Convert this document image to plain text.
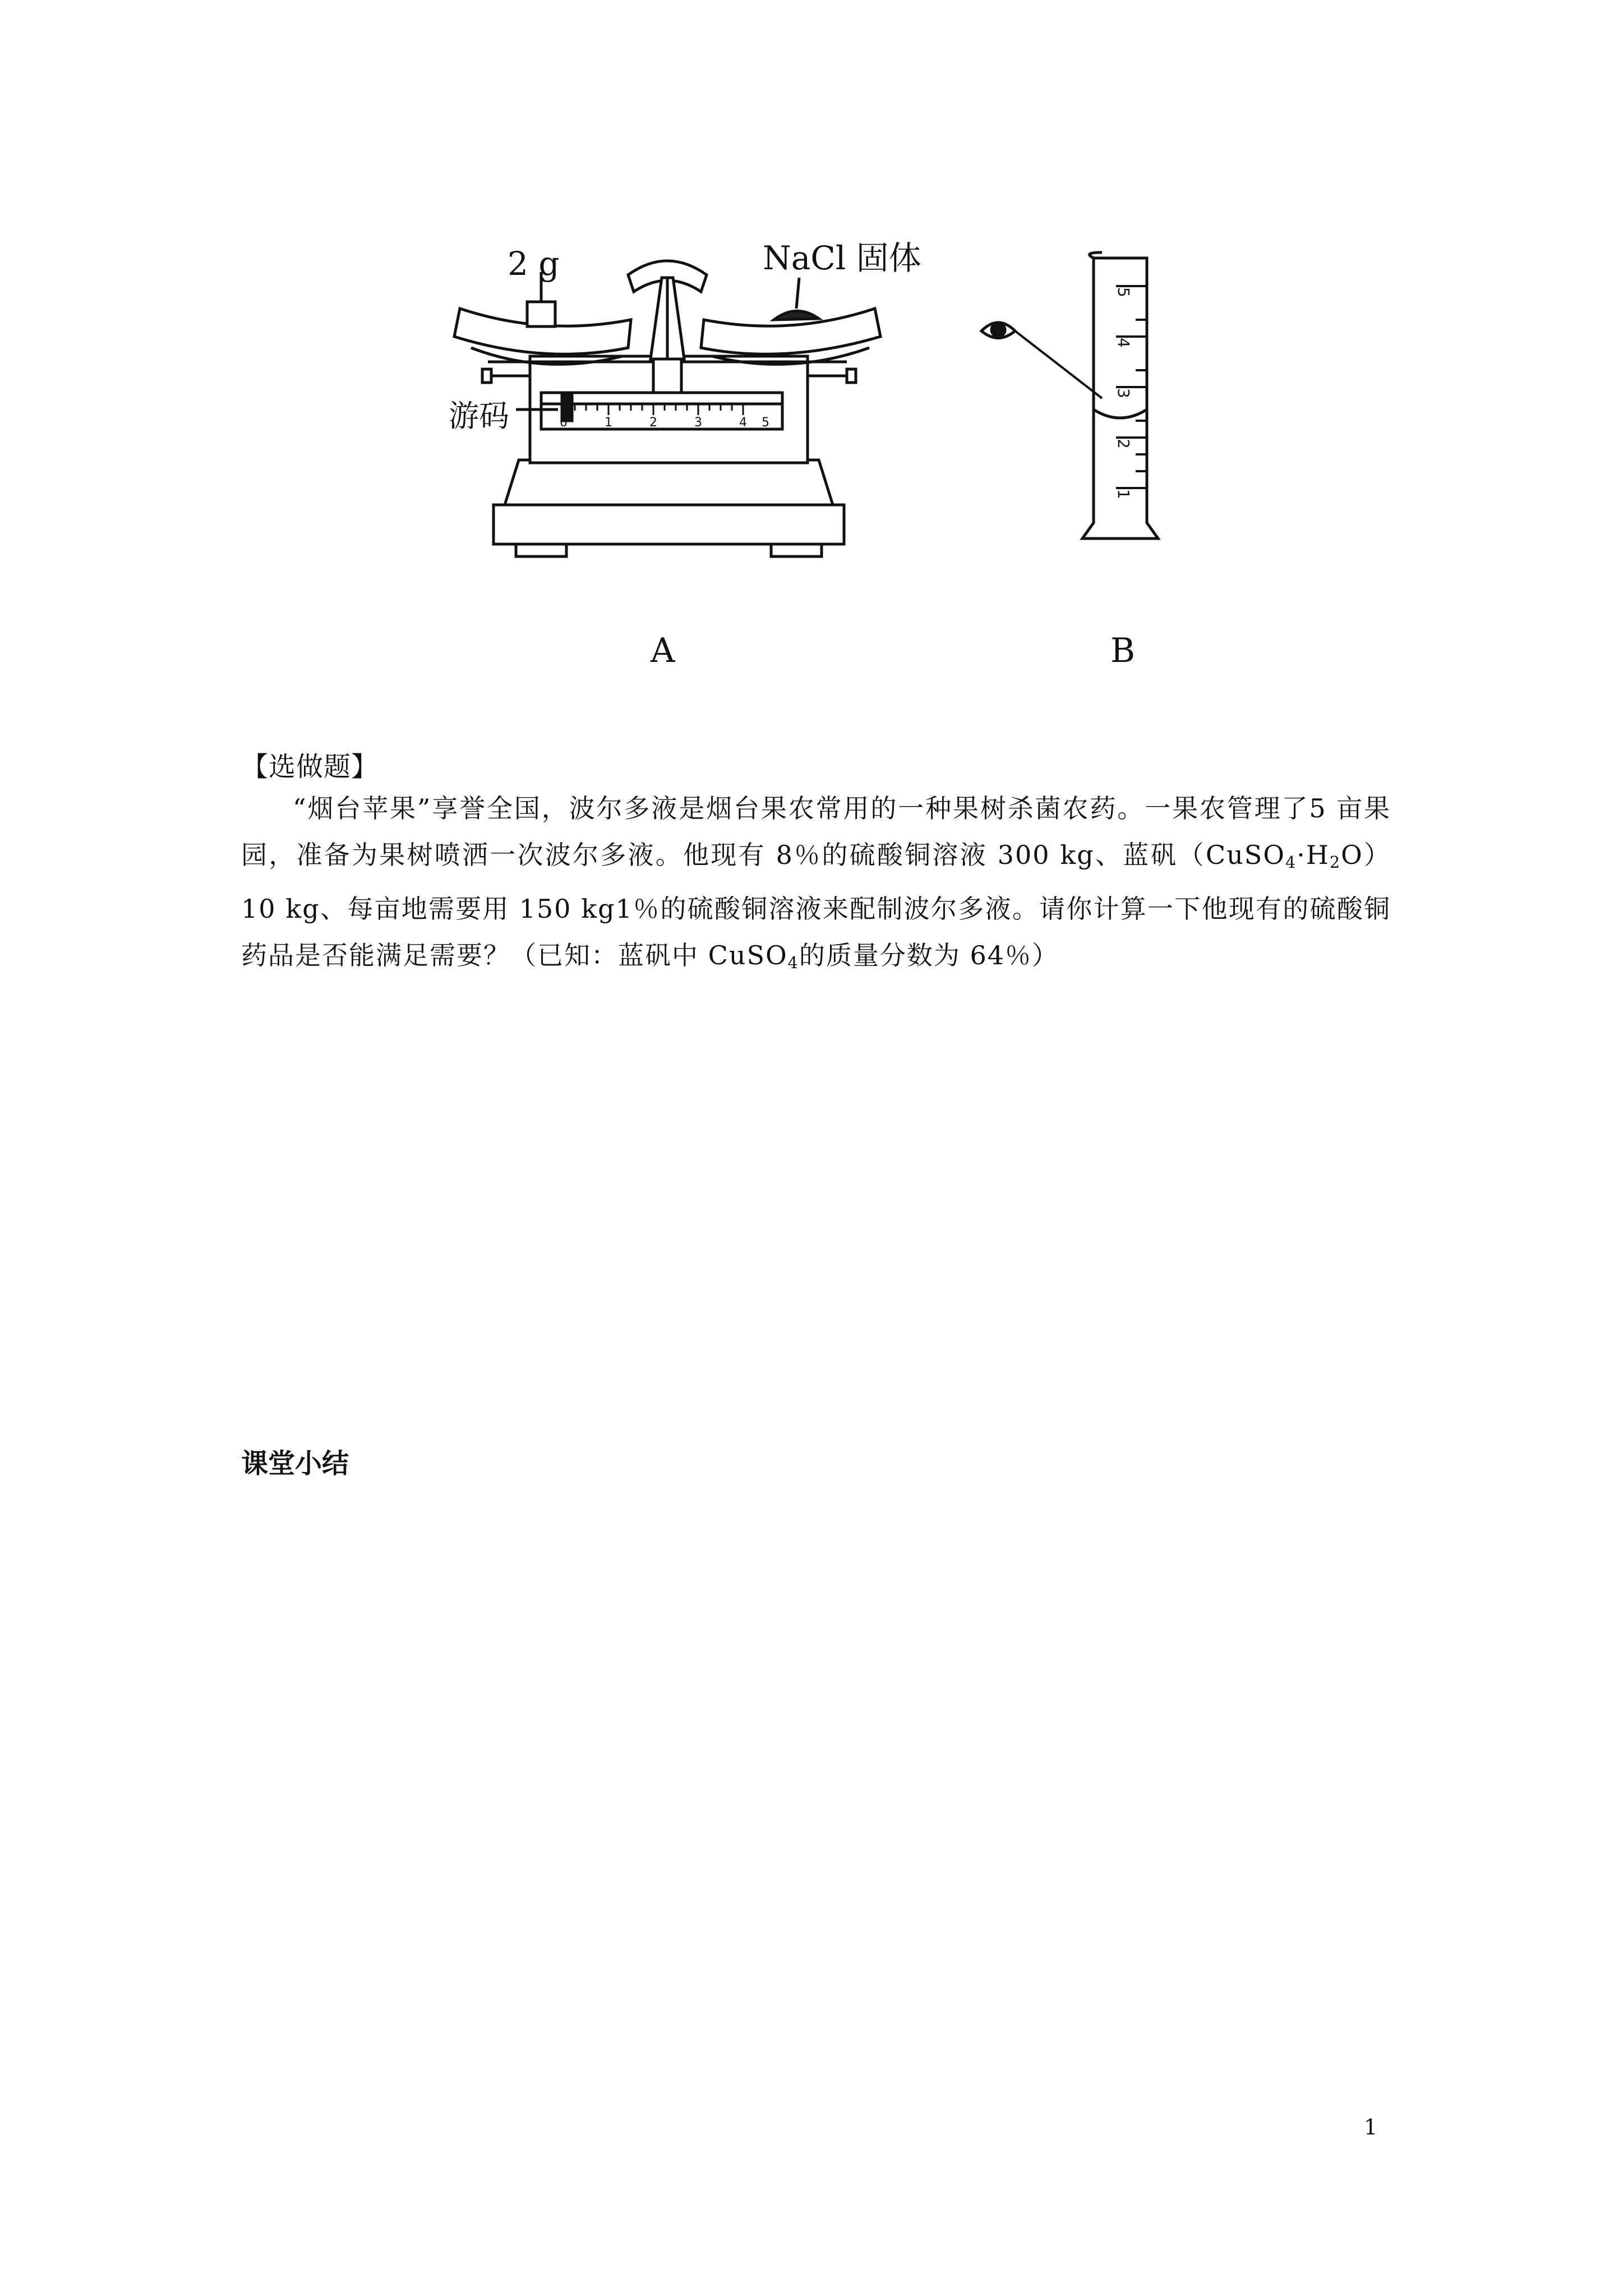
2 g	NaCl 固体
游码	0	1	2	3	4 5
1
2
3
4
5
A	B
【选做题】

“烟台苹果”享誉全国，波尔多液是烟台果农常用的一种果树杀菌农药。一果农管理了5 亩果园，准备为果树喷洒一次波尔多液。他现有 8％的硫酸铜溶液 300 kg、蓝矾$(CuSO_4\cdot H_2O)10$ kg、每亩地需要用 150 kg1％的硫酸铜溶液来配制波尔多液。请你计算一下他现有的硫酸铜药品是否能满足需要？（已知：蓝矾中 CuSO$_4$的质量分数为 64％）

课堂小结
1
